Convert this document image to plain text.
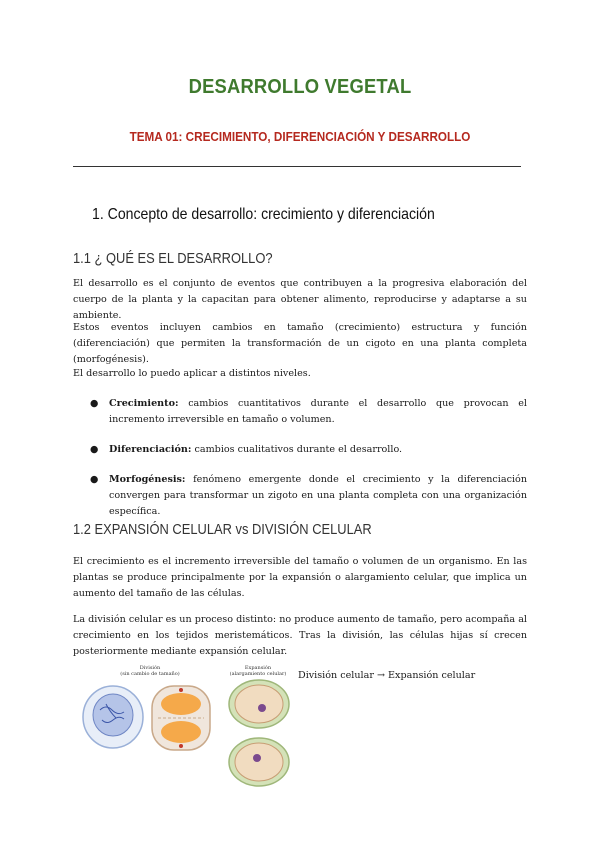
DESARROLLO VEGETAL
TEMA 01: CRECIMIENTO, DIFERENCIACIÓN Y DESARROLLO
1. Concepto de desarrollo: crecimiento y diferenciación
1.1 ¿ QUÉ ES EL DESARROLLO?
El desarrollo es el conjunto de eventos que contribuyen a la progresiva elaboración del cuerpo de la planta y la capacitan para obtener alimento, reproducirse y adaptarse a su ambiente.
Estos eventos incluyen cambios en tamaño (crecimiento) estructura y función (diferenciación) que permiten la transformación de un cigoto en una planta completa (morfogénesis).
El desarrollo lo puedo aplicar a distintos niveles.
● Crecimiento: cambios cuantitativos durante el desarrollo que provocan el incremento irreversible en tamaño o volumen.
● Diferenciación: cambios cualitativos durante el desarrollo.
● Morfogénesis: fenómeno emergente donde el crecimiento y la diferenciación convergen para transformar un zigoto en una planta completa con una organización específica.
1.2 EXPANSIÓN CELULAR vs DIVISIÓN CELULAR
El crecimiento es el incremento irreversible del tamaño o volumen de un organismo. En las plantas se produce principalmente por la expansión o alargamiento celular, que implica un aumento del tamaño de las células.
La división celular es un proceso distinto: no produce aumento de tamaño, pero acompaña al crecimiento en los tejidos meristemáticos. Tras la división, las células hijas sí crecen posteriormente mediante expansión celular.
División
(sin cambio de tamaño)
Expansión
(alargamiento celular) División celular → Expansión celular
